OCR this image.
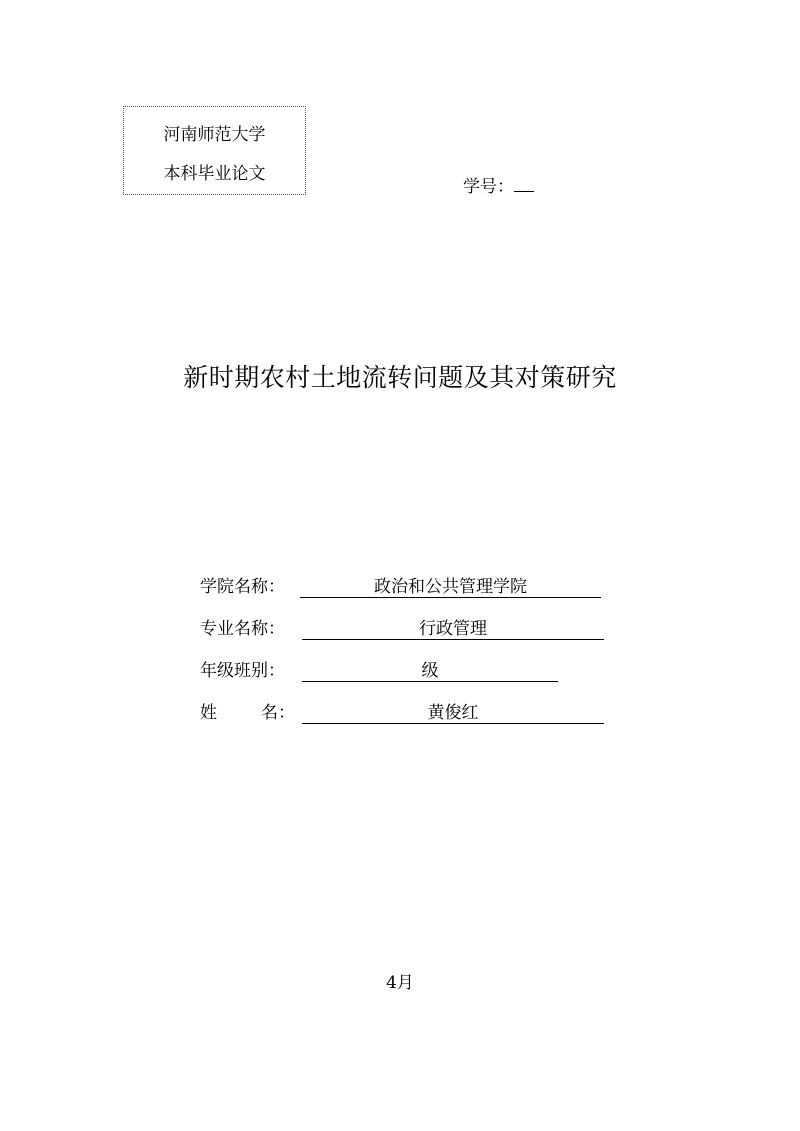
河南师范大学
本科毕业论文
学号：
新时期农村土地流转问题及其对策研究
学院名称：	政治和公共管理学院
专业名称：	行政管理
年级班别：	级
姓	名：	黄俊红
4月
